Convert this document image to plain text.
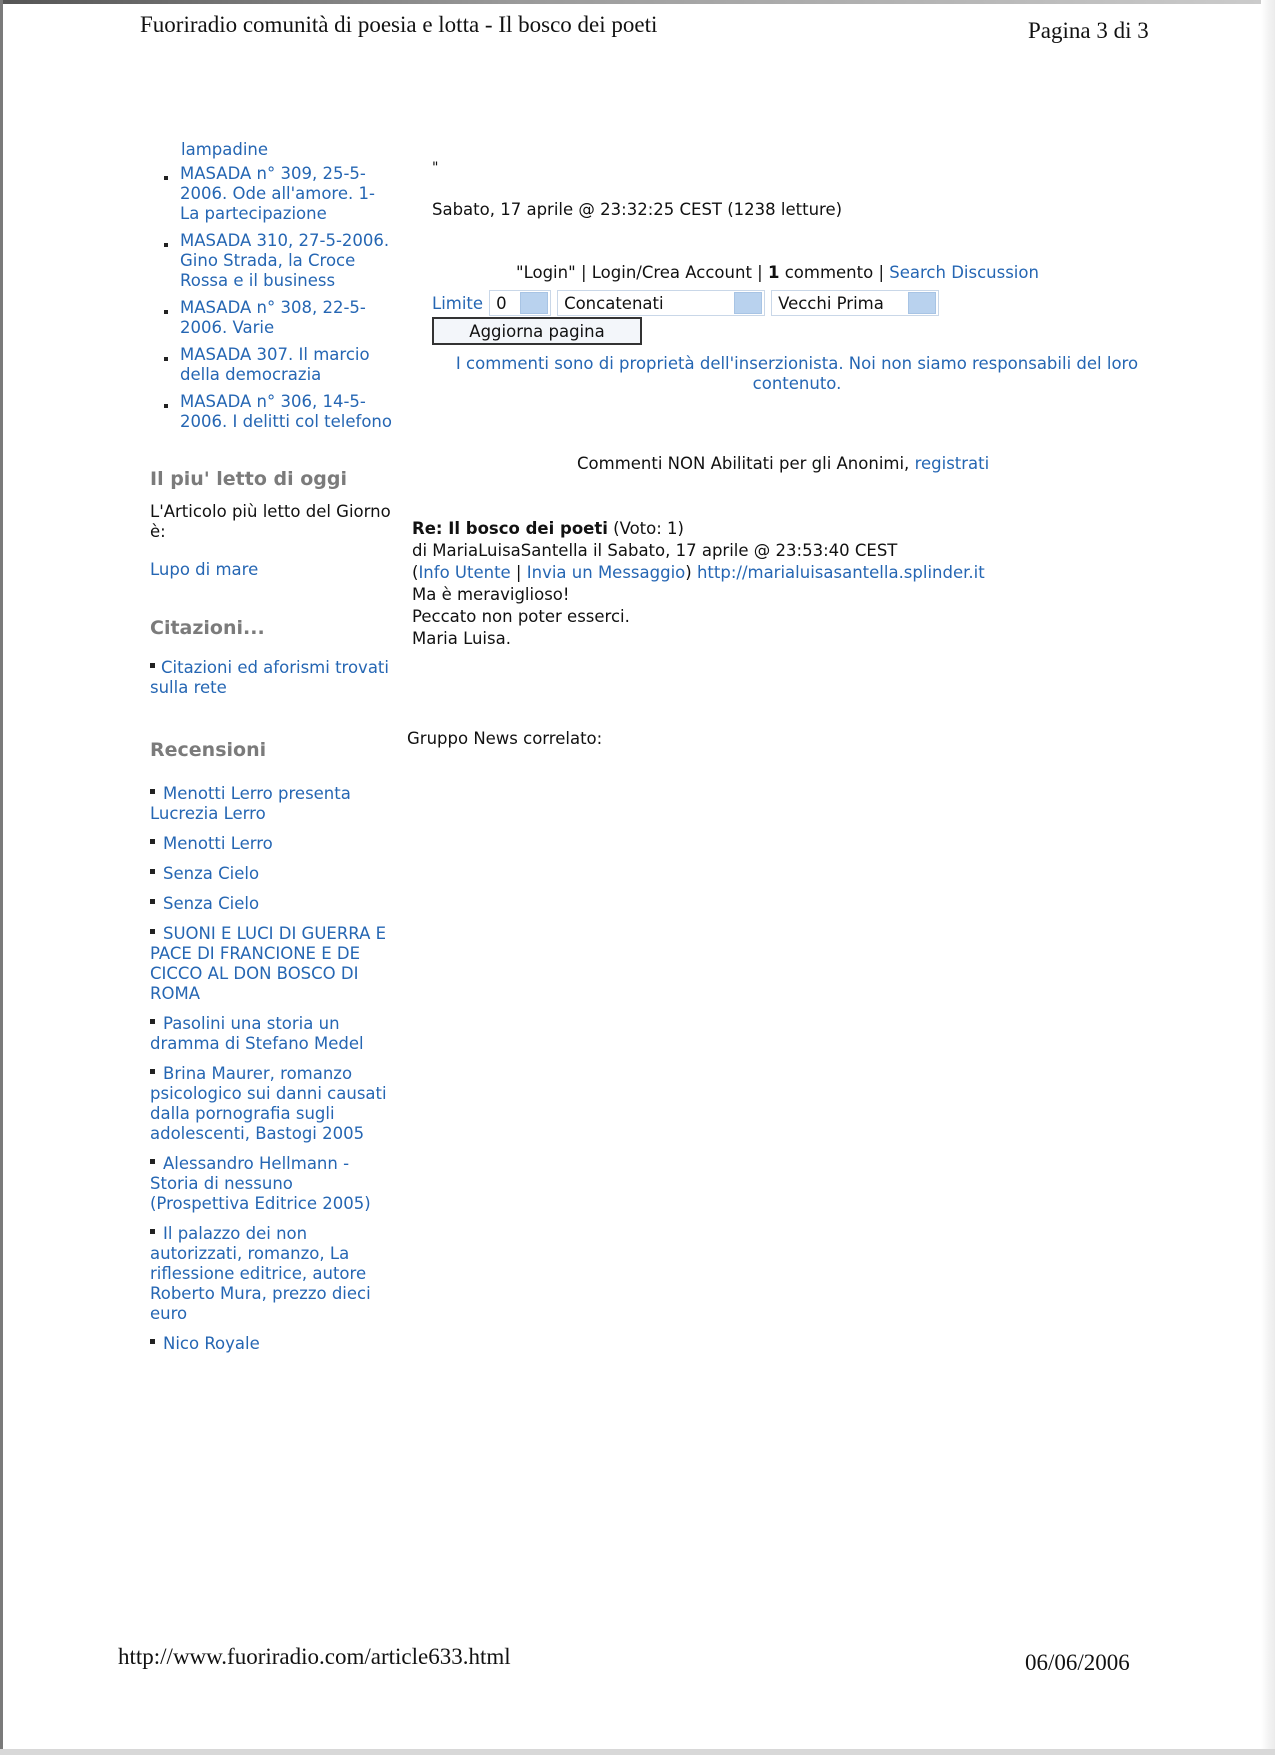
Fuoriradio comunità di poesia e lotta - Il bosco dei poeti	Pagina 3 di 3
lampadine
MASADA n° 309, 25-5-2006. Ode all'amore. 1- La partecipazione
MASADA 310, 27-5-2006. Gino Strada, la Croce Rossa e il business
MASADA n° 308, 22-5-2006. Varie
MASADA 307. Il marcio della democrazia
MASADA n° 306, 14-5-2006. I delitti col telefono
Il piu' letto di oggi
L'Articolo più letto del Giorno è:
Lupo di mare
Citazioni...
Citazioni ed aforismi trovati sulla rete
Recensioni
Menotti Lerro presenta Lucrezia Lerro
Menotti Lerro
Senza Cielo
Senza Cielo
SUONI E LUCI DI GUERRA E PACE DI FRANCIONE E DE CICCO AL DON BOSCO DI ROMA
Pasolini una storia un dramma di Stefano Medel
Brina Maurer, romanzo psicologico sui danni causati dalla pornografia sugli adolescenti, Bastogi 2005
Alessandro Hellmann - Storia di nessuno (Prospettiva Editrice 2005)
Il palazzo dei non autorizzati, romanzo, La riflessione editrice, autore Roberto Mura, prezzo dieci euro
Nico Royale
"
Sabato, 17 aprile @ 23:32:25 CEST (1238 letture)
"Login" | Login/Crea Account | 1 commento | Search Discussion
Limite 0	Concatenati	Vecchi Prima
Aggiorna pagina
I commenti sono di proprietà dell'inserzionista. Noi non siamo responsabili del loro contenuto.
Commenti NON Abilitati per gli Anonimi, registrati
Re: Il bosco dei poeti (Voto: 1)
di MariaLuisaSantella il Sabato, 17 aprile @ 23:53:40 CEST
(Info Utente | Invia un Messaggio) http://marialuisasantella.splinder.it
Ma è meraviglioso!
Peccato non poter esserci.
Maria Luisa.
Gruppo News correlato:
http://www.fuoriradio.com/article633.html	06/06/2006
